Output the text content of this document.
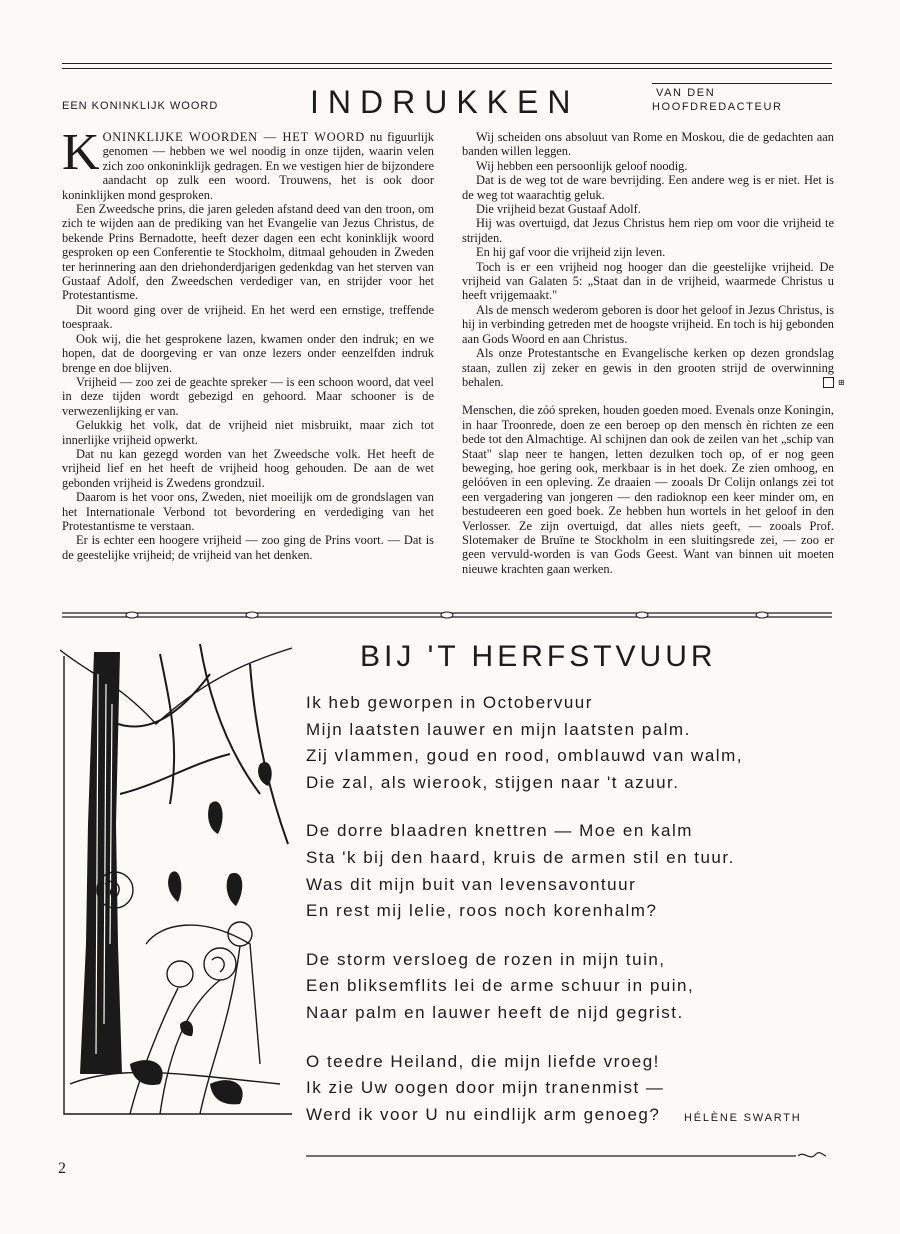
EEN KONINKLIJK WOORD	INDRUKKEN	VAN DEN
HOOFDREDACTEUR

KONINKLIJKE WOORDEN — HET WOORD nu figuurlijk genomen — hebben we wel noodig in onze tijden, waarin velen zich zoo onkoninklijk gedragen. En we vestigen hier de bijzondere aandacht op zulk een woord. Trouwens, het is ook door koninklijken mond gesproken.

Een Zweedsche prins, die jaren geleden afstand deed van den troon, om zich te wijden aan de prediking van het Evangelie van Jezus Christus, de bekende Prins Bernadotte, heeft dezer dagen een echt koninklijk woord gesproken op een Conferentie te Stockholm, ditmaal gehouden in Zweden ter herinnering aan den driehonderdjarigen gedenkdag van het sterven van Gustaaf Adolf, den Zweedschen verdediger van, en strijder voor het Protestantisme.

Dit woord ging over de vrijheid. En het werd een ernstige, treffende toespraak.

Ook wij, die het gesprokene lazen, kwamen onder den indruk; en we hopen, dat de doorgeving er van onze lezers onder eenzelfden indruk brenge en doe blijven.

Vrijheid — zoo zei de geachte spreker — is een schoon woord, dat veel in deze tijden wordt gebezigd en gehoord. Maar schooner is de verwezenlijking er van.

Gelukkig het volk, dat de vrijheid niet misbruikt, maar zich tot innerlijke vrijheid opwerkt.

Dat nu kan gezegd worden van het Zweedsche volk. Het heeft de vrijheid lief en het heeft de vrijheid hoog gehouden. De aan de wet gebonden vrijheid is Zwedens grondzuil.

Daarom is het voor ons, Zweden, niet moeilijk om de grondslagen van het Internationale Verbond tot bevordering en verdediging van het Protestantisme te verstaan.

Er is echter een hoogere vrijheid — zoo ging de Prins voort. — Dat is de geestelijke vrijheid; de vrijheid van het denken.

Wij scheiden ons absoluut van Rome en Moskou, die de gedachten aan banden willen leggen.

Wij hebben een persoonlijk geloof noodig.

Dat is de weg tot de ware bevrijding. Een andere weg is er niet. Het is de weg tot waarachtig geluk.

Die vrijheid bezat Gustaaf Adolf.

Hij was overtuigd, dat Jezus Christus hem riep om voor die vrijheid te strijden.

En hij gaf voor die vrijheid zijn leven.

Toch is er een vrijheid nog hooger dan die geestelijke vrijheid. De vrijheid van Galaten 5: „Staat dan in de vrijheid, waarmede Christus u heeft vrijgemaakt."

Als de mensch wederom geboren is door het geloof in Jezus Christus, is hij in verbinding getreden met de hoogste vrijheid. En toch is hij gebonden aan Gods Woord en aan Christus.

Als onze Protestantsche en Evangelische kerken op dezen grondslag staan, zullen zij zeker en gewis in den grooten strijd de overwinning behalen.	⊞

Menschen, die zóó spreken, houden goeden moed. Evenals onze Koningin, in haar Troonrede, doen ze een beroep op den mensch èn richten ze een bede tot den Almachtige. Al schijnen dan ook de zeilen van het „schip van Staat" slap neer te hangen, letten dezulken toch op, of er nog geen beweging, hoe gering ook, merkbaar is in het doek. Ze zien omhoog, en gelóóven in een opleving. Ze draaien — zooals Dr Colijn onlangs zei tot een vergadering van jongeren — den radioknop een keer minder om, en bestudeeren een goed boek. Ze hebben hun wortels in het geloof in den Verlosser. Ze zijn overtuigd, dat alles niets geeft, — zooals Prof. Slotemaker de Bruïne te Stockholm in een sluitingsrede zei, — zoo er geen vervuld-worden is van Gods Geest. Want van binnen uit moeten nieuwe krachten gaan werken.

BIJ 'T HERFSTVUUR
Ik heb geworpen in Octobervuur
Mijn laatsten lauwer en mijn laatsten palm.
Zij vlammen, goud en rood, omblauwd van walm,
Die zal, als wierook, stijgen naar 't azuur.
De dorre blaadren knettren — Moe en kalm
Sta 'k bij den haard, kruis de armen stil en tuur.
Was dit mijn buit van levensavontuur
En rest mij lelie, roos noch korenhalm?
De storm versloeg de rozen in mijn tuin,
Een bliksemflits lei de arme schuur in puin,
Naar palm en lauwer heeft de nijd gegrist.
O teedre Heiland, die mijn liefde vroeg!
Ik zie Uw oogen door mijn tranenmist —
Werd ik voor U nu eindlijk arm genoeg?	HÉLÈNE SWARTH
2
